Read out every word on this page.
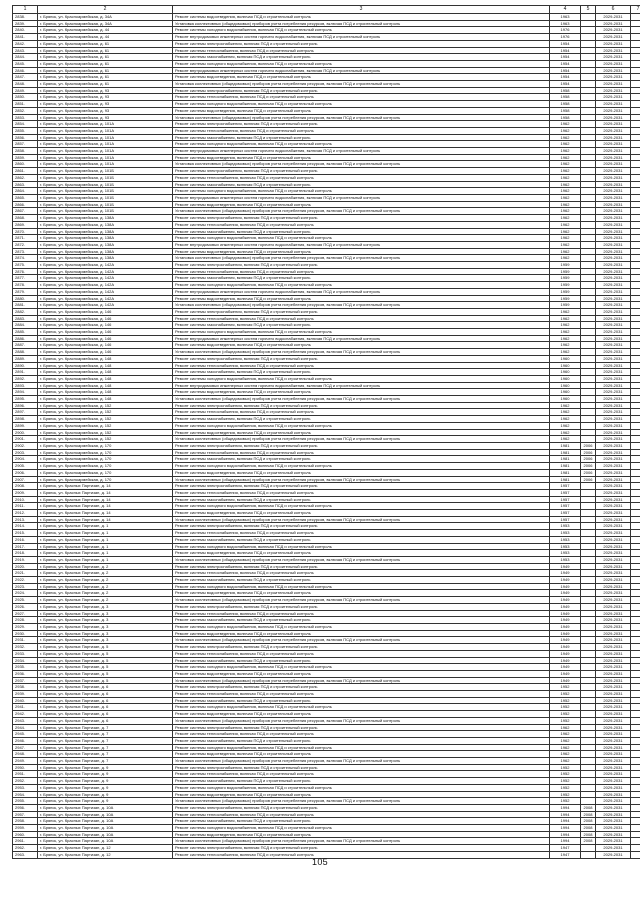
1	2	3	4	5	6	7
2838.	г. Брянск, ул. Красноармейская, д. 34А	Ремонт системы водоотведения, включая ПСД и строительный контроль	1963		2029-2031	
2839.	г. Брянск, ул. Красноармейская, д. 34А	Установка коллективных (общедомовых) приборов учета потребления ресурсов, включая ПСД и строительный контроль	1963		2029-2031	
2840.	г. Брянск, ул. Красноармейская, д. 44	Ремонт системы холодного водоснабжения, включая ПСД и строительный контроль	1976		2029-2031	
2841.	г. Брянск, ул. Красноармейская, д. 44	Ремонт внутридомовых инженерных систем горячего водоснабжения, включая ПСД и строительный контроль	1976		2029-2031	
2842.	г. Брянск, ул. Красноармейская, д. 61	Ремонт системы электроснабжения, включая ПСД и строительный контроль	1954		2029-2031	
2843.	г. Брянск, ул. Красноармейская, д. 61	Ремонт системы теплоснабжения, включая ПСД и строительный контроль	1954		2029-2031	
2844.	г. Брянск, ул. Красноармейская, д. 61	Ремонт системы газоснабжения, включая ПСД и строительный контроль	1954		2029-2031	
2845.	г. Брянск, ул. Красноармейская, д. 61	Ремонт системы холодного водоснабжения, включая ПСД и строительный контроль	1954		2029-2031	
2846.	г. Брянск, ул. Красноармейская, д. 61	Ремонт внутридомовых инженерных систем горячего водоснабжения, включая ПСД и строительный контроль	1954		2029-2031	
2847.	г. Брянск, ул. Красноармейская, д. 61	Ремонт системы водоотведения, включая ПСД и строительный контроль	1954		2029-2031	
2848.	г. Брянск, ул. Красноармейская, д. 61	Установка коллективных (общедомовых) приборов учета потребления ресурсов, включая ПСД и строительный контроль	1954		2029-2031	
2849.	г. Брянск, ул. Красноармейская, д. 93	Ремонт системы электроснабжения, включая ПСД и строительный контроль	1958		2029-2031	
2850.	г. Брянск, ул. Красноармейская, д. 93	Ремонт системы теплоснабжения, включая ПСД и строительный контроль	1958		2029-2031	
2851.	г. Брянск, ул. Красноармейская, д. 93	Ремонт системы холодного водоснабжения, включая ПСД и строительный контроль	1958		2029-2031	
2852.	г. Брянск, ул. Красноармейская, д. 93	Ремонт системы водоотведения, включая ПСД и строительный контроль	1958		2029-2031	
2853.	г. Брянск, ул. Красноармейская, д. 93	Установка коллективных (общедомовых) приборов учета потребления ресурсов, включая ПСД и строительный контроль	1958		2029-2031	
2854.	г. Брянск, ул. Красноармейская, д. 101А	Ремонт системы электроснабжения, включая ПСД и строительный контроль	1962		2029-2031	
2855.	г. Брянск, ул. Красноармейская, д. 101А	Ремонт системы теплоснабжения, включая ПСД и строительный контроль	1962		2029-2031	
2856.	г. Брянск, ул. Красноармейская, д. 101А	Ремонт системы газоснабжения, включая ПСД и строительный контроль	1962		2029-2031	
2857.	г. Брянск, ул. Красноармейская, д. 101А	Ремонт системы холодного водоснабжения, включая ПСД и строительный контроль	1962		2029-2031	
2858.	г. Брянск, ул. Красноармейская, д. 101А	Ремонт внутридомовых инженерных систем горячего водоснабжения, включая ПСД и строительный контроль	1962		2029-2031	
2859.	г. Брянск, ул. Красноармейская, д. 101А	Ремонт системы водоотведения, включая ПСД и строительный контроль	1962		2029-2031	
2860.	г. Брянск, ул. Красноармейская, д. 101А	Установка коллективных (общедомовых) приборов учета потребления ресурсов, включая ПСД и строительный контроль	1962		2029-2031	
2861.	г. Брянск, ул. Красноармейская, д. 101Б	Ремонт системы электроснабжения, включая ПСД и строительный контроль	1962		2029-2031	
2862.	г. Брянск, ул. Красноармейская, д. 101Б	Ремонт системы теплоснабжения, включая ПСД и строительный контроль	1962		2029-2031	
2863.	г. Брянск, ул. Красноармейская, д. 101Б	Ремонт системы газоснабжения, включая ПСД и строительный контроль	1962		2029-2031	
2864.	г. Брянск, ул. Красноармейская, д. 101Б	Ремонт системы холодного водоснабжения, включая ПСД и строительный контроль	1962		2029-2031	
2865.	г. Брянск, ул. Красноармейская, д. 101Б	Ремонт внутридомовых инженерных систем горячего водоснабжения, включая ПСД и строительный контроль	1962		2029-2031	
2866.	г. Брянск, ул. Красноармейская, д. 101Б	Ремонт системы водоотведения, включая ПСД и строительный контроль	1962		2029-2031	
2867.	г. Брянск, ул. Красноармейская, д. 101Б	Установка коллективных (общедомовых) приборов учета потребления ресурсов, включая ПСД и строительный контроль	1962		2029-2031	
2868.	г. Брянск, ул. Красноармейская, д. 138А	Ремонт системы электроснабжения, включая ПСД и строительный контроль	1962		2029-2031	
2869.	г. Брянск, ул. Красноармейская, д. 138А	Ремонт системы теплоснабжения, включая ПСД и строительный контроль	1962		2029-2031	
2870.	г. Брянск, ул. Красноармейская, д. 138А	Ремонт системы газоснабжения, включая ПСД и строительный контроль	1962		2029-2031	
2871.	г. Брянск, ул. Красноармейская, д. 138А	Ремонт системы холодного водоснабжения, включая ПСД и строительный контроль	1962		2029-2031	
2872.	г. Брянск, ул. Красноармейская, д. 138А	Ремонт внутридомовых инженерных систем горячего водоснабжения, включая ПСД и строительный контроль	1962		2029-2031	
2873.	г. Брянск, ул. Красноармейская, д. 138А	Ремонт системы водоотведения, включая ПСД и строительный контроль	1962		2029-2031	
2874.	г. Брянск, ул. Красноармейская, д. 138А	Установка коллективных (общедомовых) приборов учета потребления ресурсов, включая ПСД и строительный контроль	1962		2029-2031	
2875.	г. Брянск, ул. Красноармейская, д. 142А	Ремонт системы электроснабжения, включая ПСД и строительный контроль	1959		2029-2031	
2876.	г. Брянск, ул. Красноармейская, д. 142А	Ремонт системы теплоснабжения, включая ПСД и строительный контроль	1959		2029-2031	
2877.	г. Брянск, ул. Красноармейская, д. 142А	Ремонт системы газоснабжения, включая ПСД и строительный контроль	1959		2029-2031	
2878.	г. Брянск, ул. Красноармейская, д. 142А	Ремонт системы холодного водоснабжения, включая ПСД и строительный контроль	1959		2029-2031	
2879.	г. Брянск, ул. Красноармейская, д. 142А	Ремонт внутридомовых инженерных систем горячего водоснабжения, включая ПСД и строительный контроль	1959		2029-2031	
2880.	г. Брянск, ул. Красноармейская, д. 142А	Ремонт системы водоотведения, включая ПСД и строительный контроль	1959		2029-2031	
2881.	г. Брянск, ул. Красноармейская, д. 142А	Установка коллективных (общедомовых) приборов учета потребления ресурсов, включая ПСД и строительный контроль	1959		2029-2031	
2882.	г. Брянск, ул. Красноармейская, д. 146	Ремонт системы электроснабжения, включая ПСД и строительный контроль	1962		2029-2031	
2883.	г. Брянск, ул. Красноармейская, д. 146	Ремонт системы теплоснабжения, включая ПСД и строительный контроль	1962		2029-2031	
2884.	г. Брянск, ул. Красноармейская, д. 146	Ремонт системы газоснабжения, включая ПСД и строительный контроль	1962		2029-2031	
2885.	г. Брянск, ул. Красноармейская, д. 146	Ремонт системы холодного водоснабжения, включая ПСД и строительный контроль	1962		2029-2031	
2886.	г. Брянск, ул. Красноармейская, д. 146	Ремонт внутридомовых инженерных систем горячего водоснабжения, включая ПСД и строительный контроль	1962		2029-2031	
2887.	г. Брянск, ул. Красноармейская, д. 146	Ремонт системы водоотведения, включая ПСД и строительный контроль	1962		2029-2031	
2888.	г. Брянск, ул. Красноармейская, д. 146	Установка коллективных (общедомовых) приборов учета потребления ресурсов, включая ПСД и строительный контроль	1962		2029-2031	
2889.	г. Брянск, ул. Красноармейская, д. 148	Ремонт системы электроснабжения, включая ПСД и строительный контроль	1960		2029-2031	
2890.	г. Брянск, ул. Красноармейская, д. 148	Ремонт системы теплоснабжения, включая ПСД и строительный контроль	1960		2029-2031	
2891.	г. Брянск, ул. Красноармейская, д. 148	Ремонт системы газоснабжения, включая ПСД и строительный контроль	1960		2029-2031	
2892.	г. Брянск, ул. Красноармейская, д. 148	Ремонт системы холодного водоснабжения, включая ПСД и строительный контроль	1960		2029-2031	
2893.	г. Брянск, ул. Красноармейская, д. 148	Ремонт внутридомовых инженерных систем горячего водоснабжения, включая ПСД и строительный контроль	1960		2029-2031	
2894.	г. Брянск, ул. Красноармейская, д. 148	Ремонт системы водоотведения, включая ПСД и строительный контроль	1960		2029-2031	
2895.	г. Брянск, ул. Красноармейская, д. 148	Установка коллективных (общедомовых) приборов учета потребления ресурсов, включая ПСД и строительный контроль	1960		2029-2031	
2896.	г. Брянск, ул. Красноармейская, д. 152	Ремонт системы электроснабжения, включая ПСД и строительный контроль	1962		2029-2031	
2897.	г. Брянск, ул. Красноармейская, д. 152	Ремонт системы теплоснабжения, включая ПСД и строительный контроль	1962		2029-2031	
2898.	г. Брянск, ул. Красноармейская, д. 152	Ремонт системы газоснабжения, включая ПСД и строительный контроль	1962		2029-2031	
2899.	г. Брянск, ул. Красноармейская, д. 152	Ремонт системы холодного водоснабжения, включая ПСД и строительный контроль	1962		2029-2031	
2900.	г. Брянск, ул. Красноармейская, д. 152	Ремонт системы водоотведения, включая ПСД и строительный контроль	1962		2029-2031	
2901.	г. Брянск, ул. Красноармейская, д. 152	Установка коллективных (общедомовых) приборов учета потребления ресурсов, включая ПСД и строительный контроль	1962		2029-2031	
2902.	г. Брянск, ул. Красноармейская, д. 170	Ремонт системы электроснабжения, включая ПСД и строительный контроль	1981	2006	2029-2031	
2903.	г. Брянск, ул. Красноармейская, д. 170	Ремонт системы теплоснабжения, включая ПСД и строительный контроль	1981	2006	2029-2031	
2904.	г. Брянск, ул. Красноармейская, д. 170	Ремонт системы газоснабжения, включая ПСД и строительный контроль	1981	2006	2029-2031	
2905.	г. Брянск, ул. Красноармейская, д. 170	Ремонт системы холодного водоснабжения, включая ПСД и строительный контроль	1981	2006	2029-2031	
2906.	г. Брянск, ул. Красноармейская, д. 170	Ремонт системы водоотведения, включая ПСД и строительный контроль	1981	2006	2029-2031	
2907.	г. Брянск, ул. Красноармейская, д. 170	Установка коллективных (общедомовых) приборов учета потребления ресурсов, включая ПСД и строительный контроль	1981	2006	2029-2031	
2908.	г. Брянск, ул. Красных Партизан, д. 14	Ремонт системы электроснабжения, включая ПСД и строительный контроль	1957		2029-2031	
2909.	г. Брянск, ул. Красных Партизан, д. 14	Ремонт системы теплоснабжения, включая ПСД и строительный контроль	1957		2029-2031	
2910.	г. Брянск, ул. Красных Партизан, д. 14	Ремонт системы газоснабжения, включая ПСД и строительный контроль	1957		2029-2031	
2911.	г. Брянск, ул. Красных Партизан, д. 14	Ремонт системы холодного водоснабжения, включая ПСД и строительный контроль	1957		2029-2031	
2912.	г. Брянск, ул. Красных Партизан, д. 14	Ремонт системы водоотведения, включая ПСД и строительный контроль	1957		2029-2031	
2913.	г. Брянск, ул. Красных Партизан, д. 14	Установка коллективных (общедомовых) приборов учета потребления ресурсов, включая ПСД и строительный контроль	1957		2029-2031	
2914.	г. Брянск, ул. Красных Партизан, д. 1	Ремонт системы электроснабжения, включая ПСД и строительный контроль	1953		2029-2031	
2915.	г. Брянск, ул. Красных Партизан, д. 1	Ремонт системы теплоснабжения, включая ПСД и строительный контроль	1953		2029-2031	
2916.	г. Брянск, ул. Красных Партизан, д. 1	Ремонт системы газоснабжения, включая ПСД и строительный контроль	1953		2029-2031	
2917.	г. Брянск, ул. Красных Партизан, д. 1	Ремонт системы холодного водоснабжения, включая ПСД и строительный контроль	1953		2029-2031	
2918.	г. Брянск, ул. Красных Партизан, д. 1	Ремонт системы водоотведения, включая ПСД и строительный контроль	1953		2029-2031	
2919.	г. Брянск, ул. Красных Партизан, д. 1	Установка коллективных (общедомовых) приборов учета потребления ресурсов, включая ПСД и строительный контроль	1953		2029-2031	
2920.	г. Брянск, ул. Красных Партизан, д. 2	Ремонт системы электроснабжения, включая ПСД и строительный контроль	1949		2029-2031	
2921.	г. Брянск, ул. Красных Партизан, д. 2	Ремонт системы теплоснабжения, включая ПСД и строительный контроль	1949		2029-2031	
2922.	г. Брянск, ул. Красных Партизан, д. 2	Ремонт системы газоснабжения, включая ПСД и строительный контроль	1949		2029-2031	
2923.	г. Брянск, ул. Красных Партизан, д. 2	Ремонт системы холодного водоснабжения, включая ПСД и строительный контроль	1949		2029-2031	
2924.	г. Брянск, ул. Красных Партизан, д. 2	Ремонт системы водоотведения, включая ПСД и строительный контроль	1949		2029-2031	
2925.	г. Брянск, ул. Красных Партизан, д. 2	Установка коллективных (общедомовых) приборов учета потребления ресурсов, включая ПСД и строительный контроль	1949		2029-2031	
2926.	г. Брянск, ул. Красных Партизан, д. 3	Ремонт системы электроснабжения, включая ПСД и строительный контроль	1949		2029-2031	
2927.	г. Брянск, ул. Красных Партизан, д. 3	Ремонт системы теплоснабжения, включая ПСД и строительный контроль	1949		2029-2031	
2928.	г. Брянск, ул. Красных Партизан, д. 3	Ремонт системы газоснабжения, включая ПСД и строительный контроль	1949		2029-2031	
2929.	г. Брянск, ул. Красных Партизан, д. 3	Ремонт системы холодного водоснабжения, включая ПСД и строительный контроль	1949		2029-2031	
2930.	г. Брянск, ул. Красных Партизан, д. 3	Ремонт системы водоотведения, включая ПСД и строительный контроль	1949		2029-2031	
2931.	г. Брянск, ул. Красных Партизан, д. 3	Установка коллективных (общедомовых) приборов учета потребления ресурсов, включая ПСД и строительный контроль	1949		2029-2031	
2932.	г. Брянск, ул. Красных Партизан, д. 5	Ремонт системы электроснабжения, включая ПСД и строительный контроль	1949		2029-2031	
2933.	г. Брянск, ул. Красных Партизан, д. 5	Ремонт системы теплоснабжения, включая ПСД и строительный контроль	1949		2029-2031	
2934.	г. Брянск, ул. Красных Партизан, д. 5	Ремонт системы газоснабжения, включая ПСД и строительный контроль	1949		2029-2031	
2935.	г. Брянск, ул. Красных Партизан, д. 5	Ремонт системы холодного водоснабжения, включая ПСД и строительный контроль	1949		2029-2031	
2936.	г. Брянск, ул. Красных Партизан, д. 5	Ремонт системы водоотведения, включая ПСД и строительный контроль	1949		2029-2031	
2937.	г. Брянск, ул. Красных Партизан, д. 5	Установка коллективных (общедомовых) приборов учета потребления ресурсов, включая ПСД и строительный контроль	1949		2029-2031	
2938.	г. Брянск, ул. Красных Партизан, д. 6	Ремонт системы электроснабжения, включая ПСД и строительный контроль	1952		2029-2031	
2939.	г. Брянск, ул. Красных Партизан, д. 6	Ремонт системы теплоснабжения, включая ПСД и строительный контроль	1952		2029-2031	
2940.	г. Брянск, ул. Красных Партизан, д. 6	Ремонт системы газоснабжения, включая ПСД и строительный контроль	1952		2029-2031	
2941.	г. Брянск, ул. Красных Партизан, д. 6	Ремонт системы холодного водоснабжения, включая ПСД и строительный контроль	1952		2029-2031	
2942.	г. Брянск, ул. Красных Партизан, д. 6	Ремонт системы водоотведения, включая ПСД и строительный контроль	1952		2029-2031	
2943.	г. Брянск, ул. Красных Партизан, д. 6	Установка коллективных (общедомовых) приборов учета потребления ресурсов, включая ПСД и строительный контроль	1952		2029-2031	
2944.	г. Брянск, ул. Красных Партизан, д. 7	Ремонт системы электроснабжения, включая ПСД и строительный контроль	1962		2029-2031	
2945.	г. Брянск, ул. Красных Партизан, д. 7	Ремонт системы теплоснабжения, включая ПСД и строительный контроль	1962		2029-2031	
2946.	г. Брянск, ул. Красных Партизан, д. 7	Ремонт системы газоснабжения, включая ПСД и строительный контроль	1962		2029-2031	
2947.	г. Брянск, ул. Красных Партизан, д. 7	Ремонт системы холодного водоснабжения, включая ПСД и строительный контроль	1962		2029-2031	
2948.	г. Брянск, ул. Красных Партизан, д. 7	Ремонт системы водоотведения, включая ПСД и строительный контроль	1962		2029-2031	
2949.	г. Брянск, ул. Красных Партизан, д. 7	Установка коллективных (общедомовых) приборов учета потребления ресурсов, включая ПСД и строительный контроль	1962		2029-2031	
2950.	г. Брянск, ул. Красных Партизан, д. 9	Ремонт системы электроснабжения, включая ПСД и строительный контроль	1952		2029-2031	
2951.	г. Брянск, ул. Красных Партизан, д. 9	Ремонт системы теплоснабжения, включая ПСД и строительный контроль	1952		2029-2031	
2952.	г. Брянск, ул. Красных Партизан, д. 9	Ремонт системы газоснабжения, включая ПСД и строительный контроль	1952		2029-2031	
2953.	г. Брянск, ул. Красных Партизан, д. 9	Ремонт системы холодного водоснабжения, включая ПСД и строительный контроль	1952		2029-2031	
2954.	г. Брянск, ул. Красных Партизан, д. 9	Ремонт системы водоотведения, включая ПСД и строительный контроль	1952		2029-2031	
2955.	г. Брянск, ул. Красных Партизан, д. 9	Установка коллективных (общедомовых) приборов учета потребления ресурсов, включая ПСД и строительный контроль	1952		2029-2031	
2956.	г. Брянск, ул. Красных Партизан, д. 10А	Ремонт системы электроснабжения, включая ПСД и строительный контроль	1994	2008	2029-2031	
2957.	г. Брянск, ул. Красных Партизан, д. 10А	Ремонт системы теплоснабжения, включая ПСД и строительный контроль	1994	2008	2029-2031	
2958.	г. Брянск, ул. Красных Партизан, д. 10А	Ремонт системы газоснабжения, включая ПСД и строительный контроль	1994	2008	2029-2031	
2959.	г. Брянск, ул. Красных Партизан, д. 10А	Ремонт системы холодного водоснабжения, включая ПСД и строительный контроль	1994	2008	2029-2031	
2960.	г. Брянск, ул. Красных Партизан, д. 10А	Ремонт системы водоотведения, включая ПСД и строительный контроль	1994	2008	2029-2031	
2961.	г. Брянск, ул. Красных Партизан, д. 10А	Установка коллективных (общедомовых) приборов учета потребления ресурсов, включая ПСД и строительный контроль	1994	2008	2029-2031	
2962.	г. Брянск, ул. Красных Партизан, д. 12	Ремонт системы электроснабжения, включая ПСД и строительный контроль	1947		2029-2031	
2963.	г. Брянск, ул. Красных Партизан, д. 12	Ремонт системы теплоснабжения, включая ПСД и строительный контроль	1947		2029-2031	
105
